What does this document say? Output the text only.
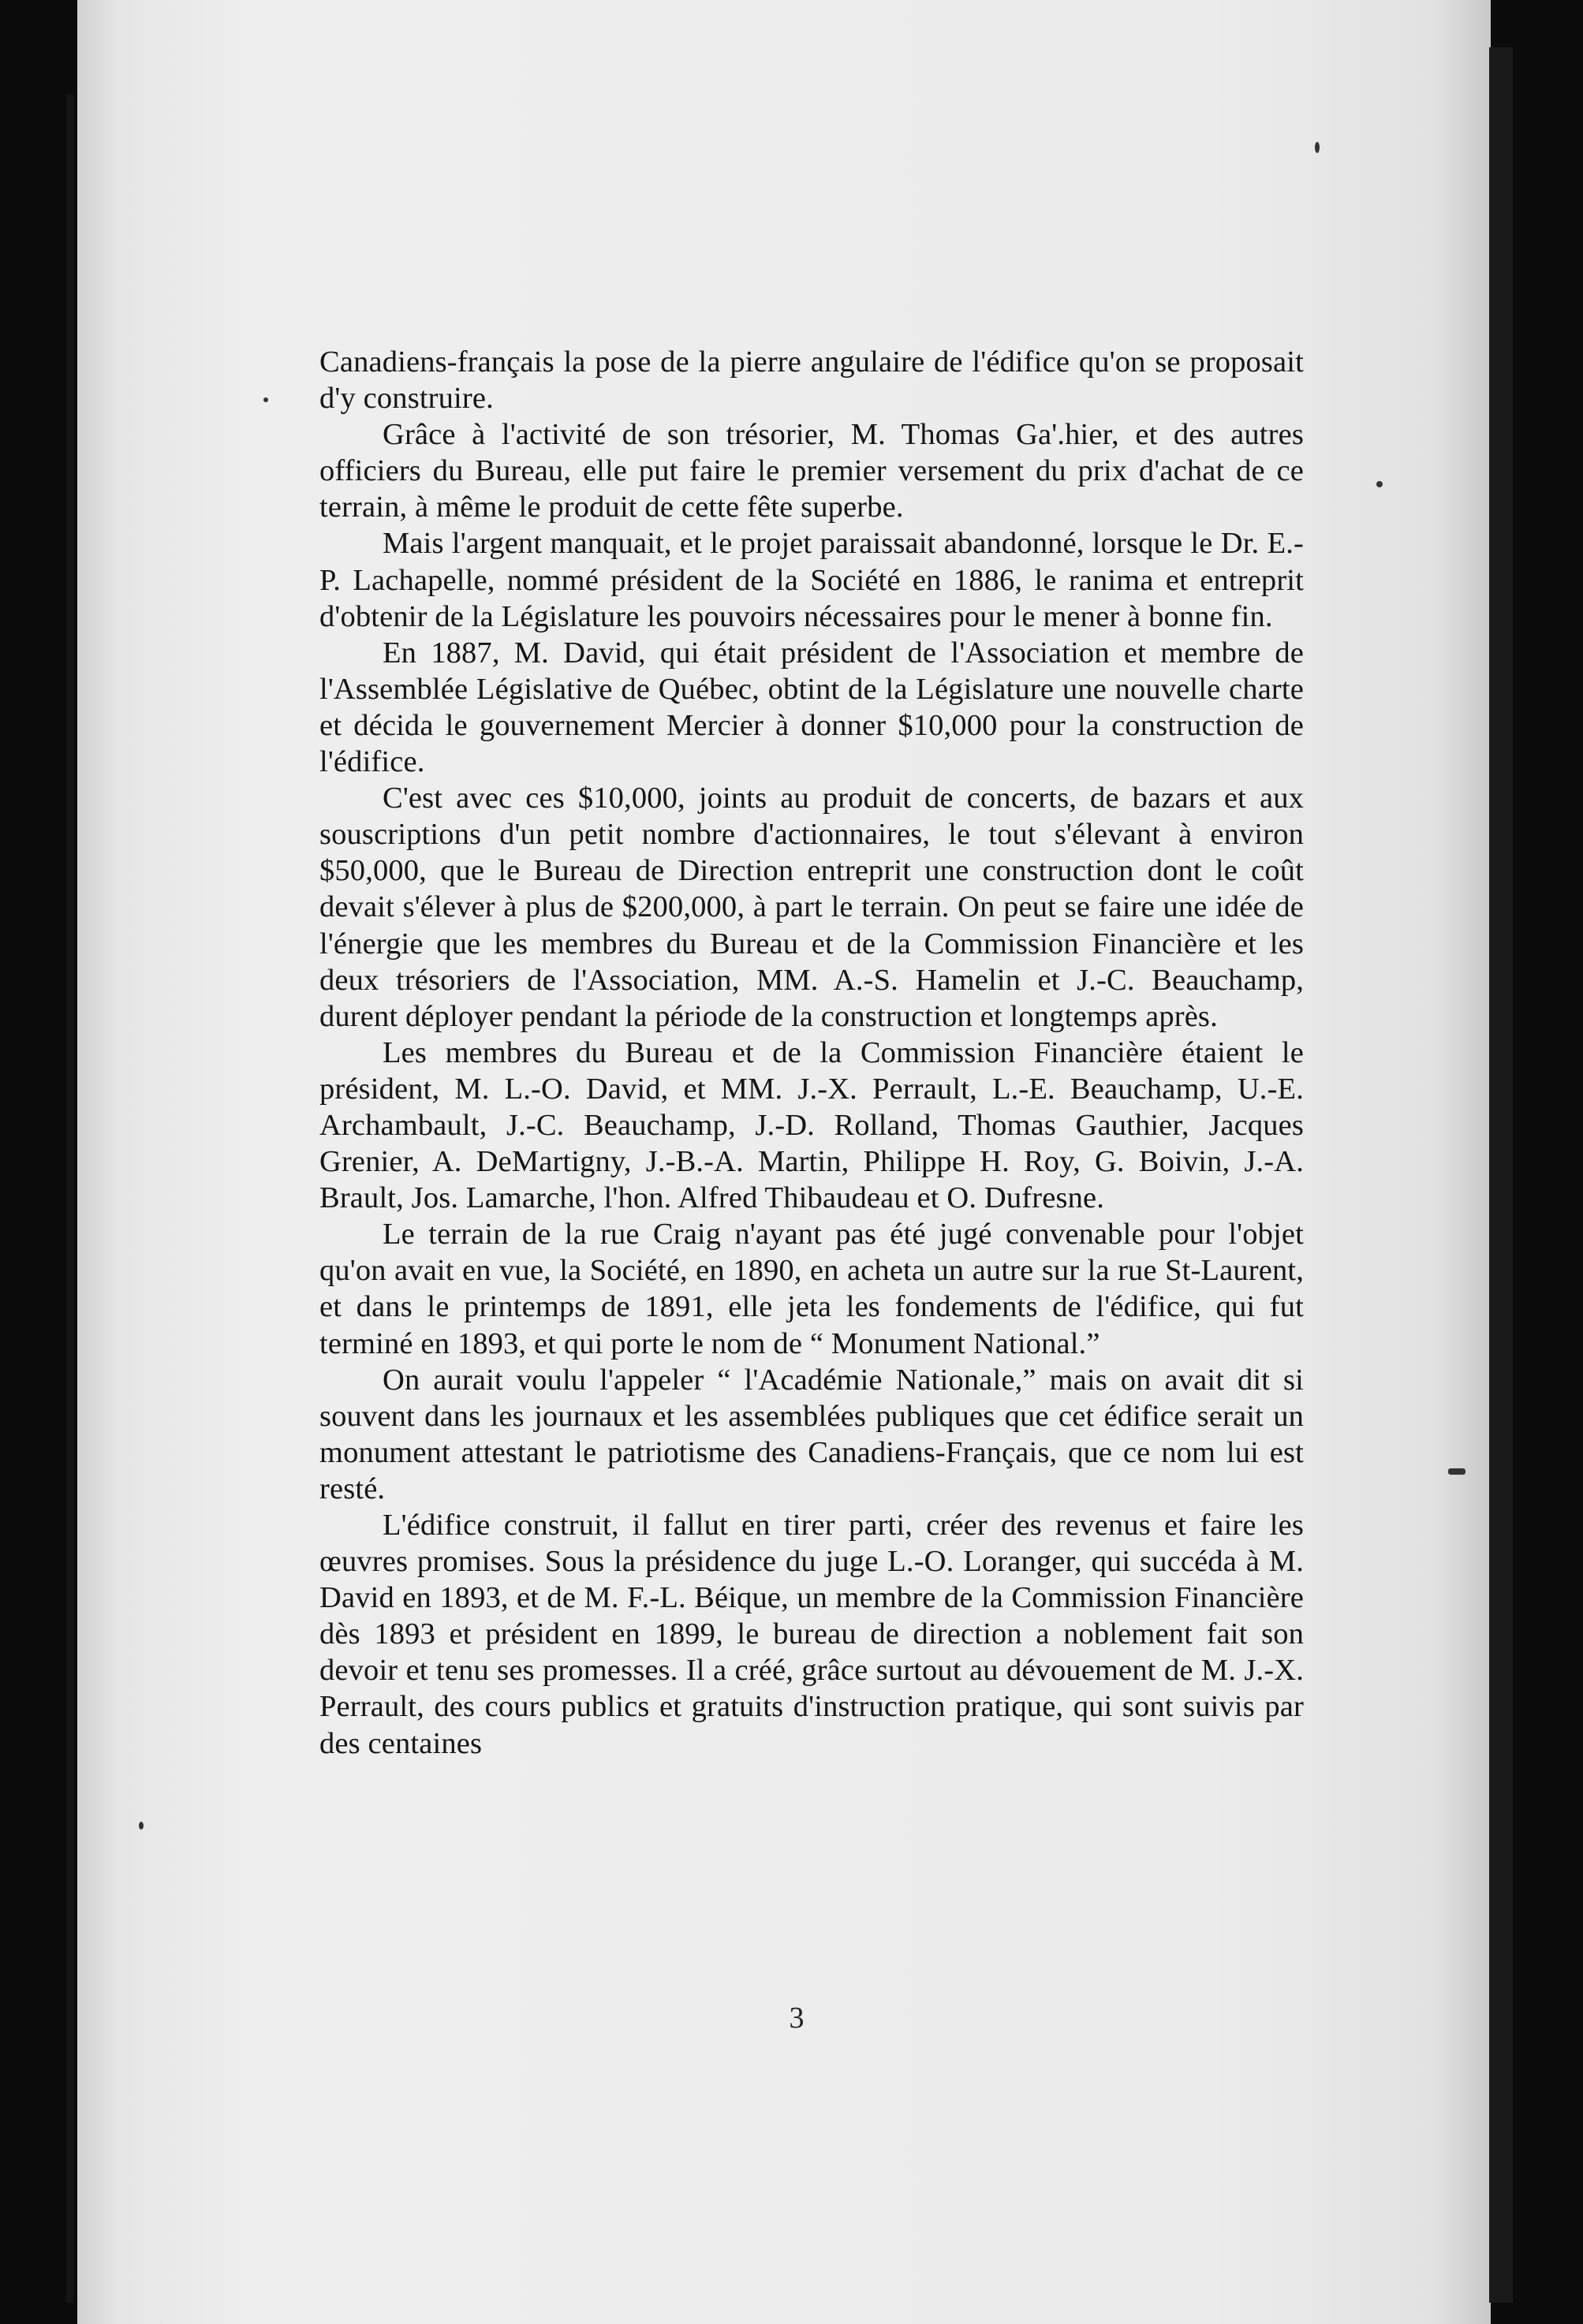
Canadiens-français la pose de la pierre angulaire de l'édifice qu'on se proposait d'y construire.

Grâce à l'activité de son trésorier, M. Thomas Ga'.hier, et des autres officiers du Bureau, elle put faire le premier versement du prix d'achat de ce terrain, à même le produit de cette fête superbe.

Mais l'argent manquait, et le projet paraissait abandonné, lorsque le Dr. E.-P. Lachapelle, nommé président de la Société en 1886, le ranima et entreprit d'obtenir de la Législature les pouvoirs nécessaires pour le mener à bonne fin.

En 1887, M. David, qui était président de l'Association et membre de l'Assemblée Législative de Québec, obtint de la Législature une nouvelle charte et décida le gouvernement Mercier à donner $10,000 pour la construction de l'édifice.

C'est avec ces $10,000, joints au produit de concerts, de bazars et aux souscriptions d'un petit nombre d'actionnaires, le tout s'élevant à environ $50,000, que le Bureau de Direction entreprit une construction dont le coût devait s'élever à plus de $200,000, à part le terrain. On peut se faire une idée de l'énergie que les membres du Bureau et de la Commission Financière et les deux trésoriers de l'Association, MM. A.-S. Hamelin et J.-C. Beauchamp, durent déployer pendant la période de la construction et longtemps après.

Les membres du Bureau et de la Commission Financière étaient le président, M. L.-O. David, et MM. J.-X. Perrault, L.-E. Beauchamp, U.-E. Archambault, J.-C. Beauchamp, J.-D. Rolland, Thomas Gauthier, Jacques Grenier, A. DeMartigny, J.-B.-A. Martin, Philippe H. Roy, G. Boivin, J.-A. Brault, Jos. Lamarche, l'hon. Alfred Thibaudeau et O. Dufresne.

Le terrain de la rue Craig n'ayant pas été jugé convenable pour l'objet qu'on avait en vue, la Société, en 1890, en acheta un autre sur la rue St-Laurent, et dans le printemps de 1891, elle jeta les fondements de l'édifice, qui fut terminé en 1893, et qui porte le nom de “ Monument National.”

On aurait voulu l'appeler “ l'Académie Nationale,” mais on avait dit si souvent dans les journaux et les assemblées publiques que cet édifice serait un monument attestant le patriotisme des Canadiens-Français, que ce nom lui est resté.

L'édifice construit, il fallut en tirer parti, créer des revenus et faire les œuvres promises. Sous la présidence du juge L.-O. Loranger, qui succéda à M. David en 1893, et de M. F.-L. Béique, un membre de la Commission Financière dès 1893 et président en 1899, le bureau de direction a noblement fait son devoir et tenu ses promesses. Il a créé, grâce surtout au dévouement de M. J.-X. Perrault, des cours publics et gratuits d'instruction pratique, qui sont suivis par des centaines

3
